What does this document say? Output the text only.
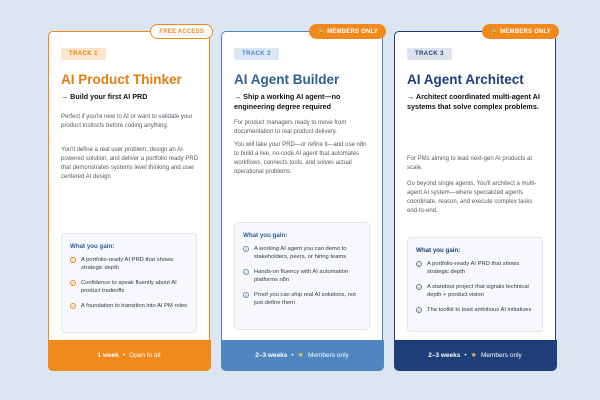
FREE ACCESS
TRACK 1
AI Product Thinker
→ Build your first AI PRD
Perfect if you're new to AI or want to validate your product instincts before coding anything.
You'll define a real user problem, design an AI-powered solution, and deliver a portfolio ready PRD that demonstrates systems level thinking and user centered AI design
What you gain:
✓ A portfolio-ready AI PRD that shows strategic depth
✓ Confidence to speak fluently about AI product tradeoffs
✓ A foundation to transition into AI PM roles
1 week • Open to all
🔒 MEMBERS ONLY
TRACK 2
AI Agent Builder
→ Ship a working AI agent—no engineering degree required
For product managers ready to move from documentation to real product delivery.
You will take your PRD—or refine it—and use n8n to build a live, no-code AI agent that automates workflows, connects tools, and solves actual operational problems.
What you gain:
✓ A working AI agent you can demo to stakeholders, peers, or hiring teams
✓ Hands-on fluency with AI automation platforms n8n
✓ Proof you can ship real AI solutions, not just define them
2–3 weeks • ★ Members only
🔒 MEMBERS ONLY
TRACK 3
AI Agent Architect
→ Architect coordinated multi-agent AI systems that solve complex problems.
For PMs aiming to lead next-gen AI products at scale.
Go beyond single agents. You'll architect a multi-agent AI system—where specialized agents coordinate, reason, and execute complex tasks end-to-end.
What you gain:
✓ A portfolio-ready AI PRD that shows strategic depth
✓ A standout project that signals technical depth + product vision
✓ The toolkit to lead ambitious AI initiatives
2–3 weeks • ★ Members only
